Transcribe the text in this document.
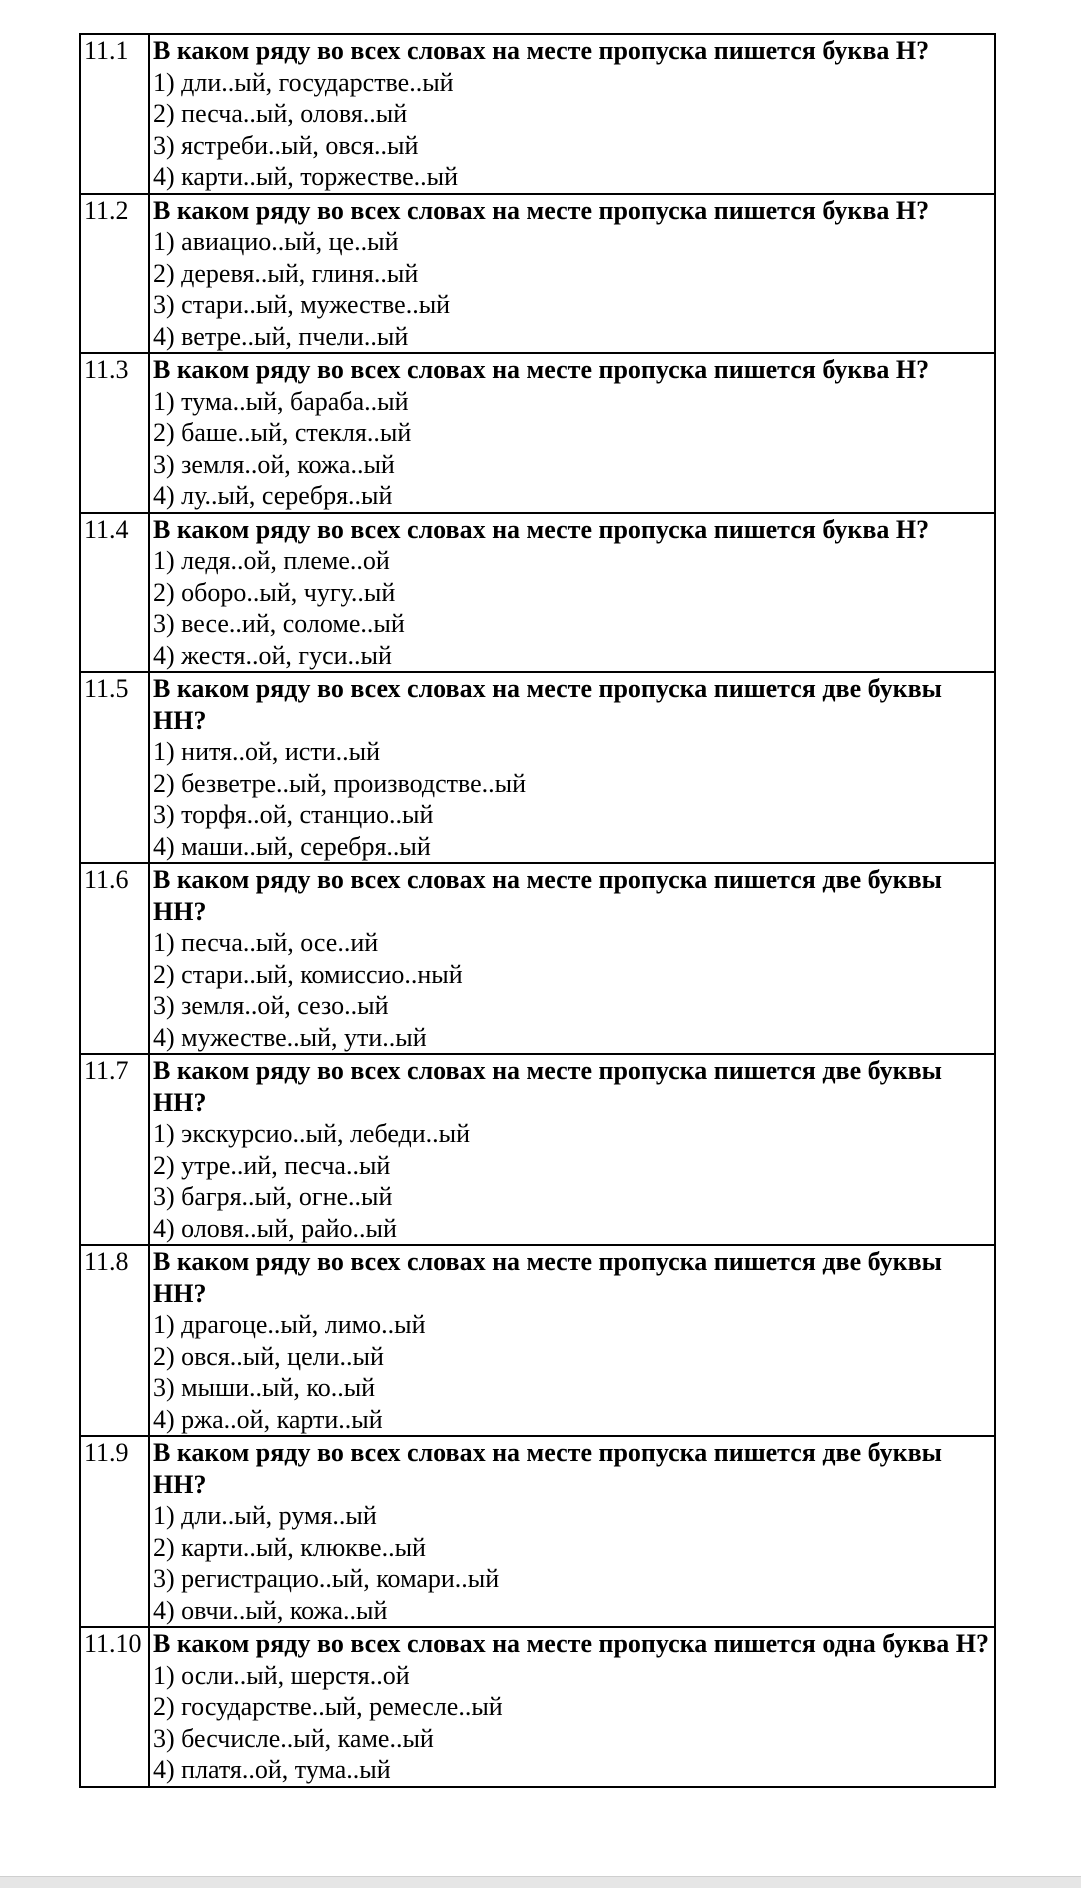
11.1	В каком ряду во всех словах на месте пропуска пишется буква Н?
1) дли..ый, государстве..ый
2) песча..ый, оловя..ый
3) ястреби..ый, овся..ый
4) карти..ый, торжестве..ый

11.2	В каком ряду во всех словах на месте пропуска пишется буква Н?
1) авиацио..ый, це..ый
2) деревя..ый, глиня..ый
3) стари..ый, мужестве..ый
4) ветре..ый, пчели..ый

11.3	В каком ряду во всех словах на месте пропуска пишется буква Н?
1) тума..ый, бараба..ый
2) баше..ый, стекля..ый
3) земля..ой, кожа..ый
4) лу..ый, серебря..ый

11.4	В каком ряду во всех словах на месте пропуска пишется буква Н?
1) ледя..ой, племе..ой
2) оборо..ый, чугу..ый
3) весе..ий, соломе..ый
4) жестя..ой, гуси..ый

11.5	В каком ряду во всех словах на месте пропуска пишется две буквы НН?
1) нитя..ой, исти..ый
2) безветре..ый, производстве..ый
3) торфя..ой, станцио..ый
4) маши..ый, серебря..ый

11.6	В каком ряду во всех словах на месте пропуска пишется две буквы НН?
1) песча..ый, осе..ий
2) стари..ый, комиссио..ный
3) земля..ой, сезо..ый
4) мужестве..ый, ути..ый

11.7	В каком ряду во всех словах на месте пропуска пишется две буквы НН?
1) экскурсио..ый, лебеди..ый
2) утре..ий, песча..ый
3) багря..ый, огне..ый
4) оловя..ый, райо..ый

11.8	В каком ряду во всех словах на месте пропуска пишется две буквы НН?
1) драгоце..ый, лимо..ый
2) овся..ый, цели..ый
3) мыши..ый, ко..ый
4) ржа..ой, карти..ый

11.9	В каком ряду во всех словах на месте пропуска пишется две буквы НН?
1) дли..ый, румя..ый
2) карти..ый, клюкве..ый
3) регистрацио..ый, комари..ый
4) овчи..ый, кожа..ый

11.10	В каком ряду во всех словах на месте пропуска пишется одна буква Н?
1) осли..ый, шерстя..ой
2) государстве..ый, ремесле..ый
3) бесчисле..ый, каме..ый
4) платя..ой, тума..ый
